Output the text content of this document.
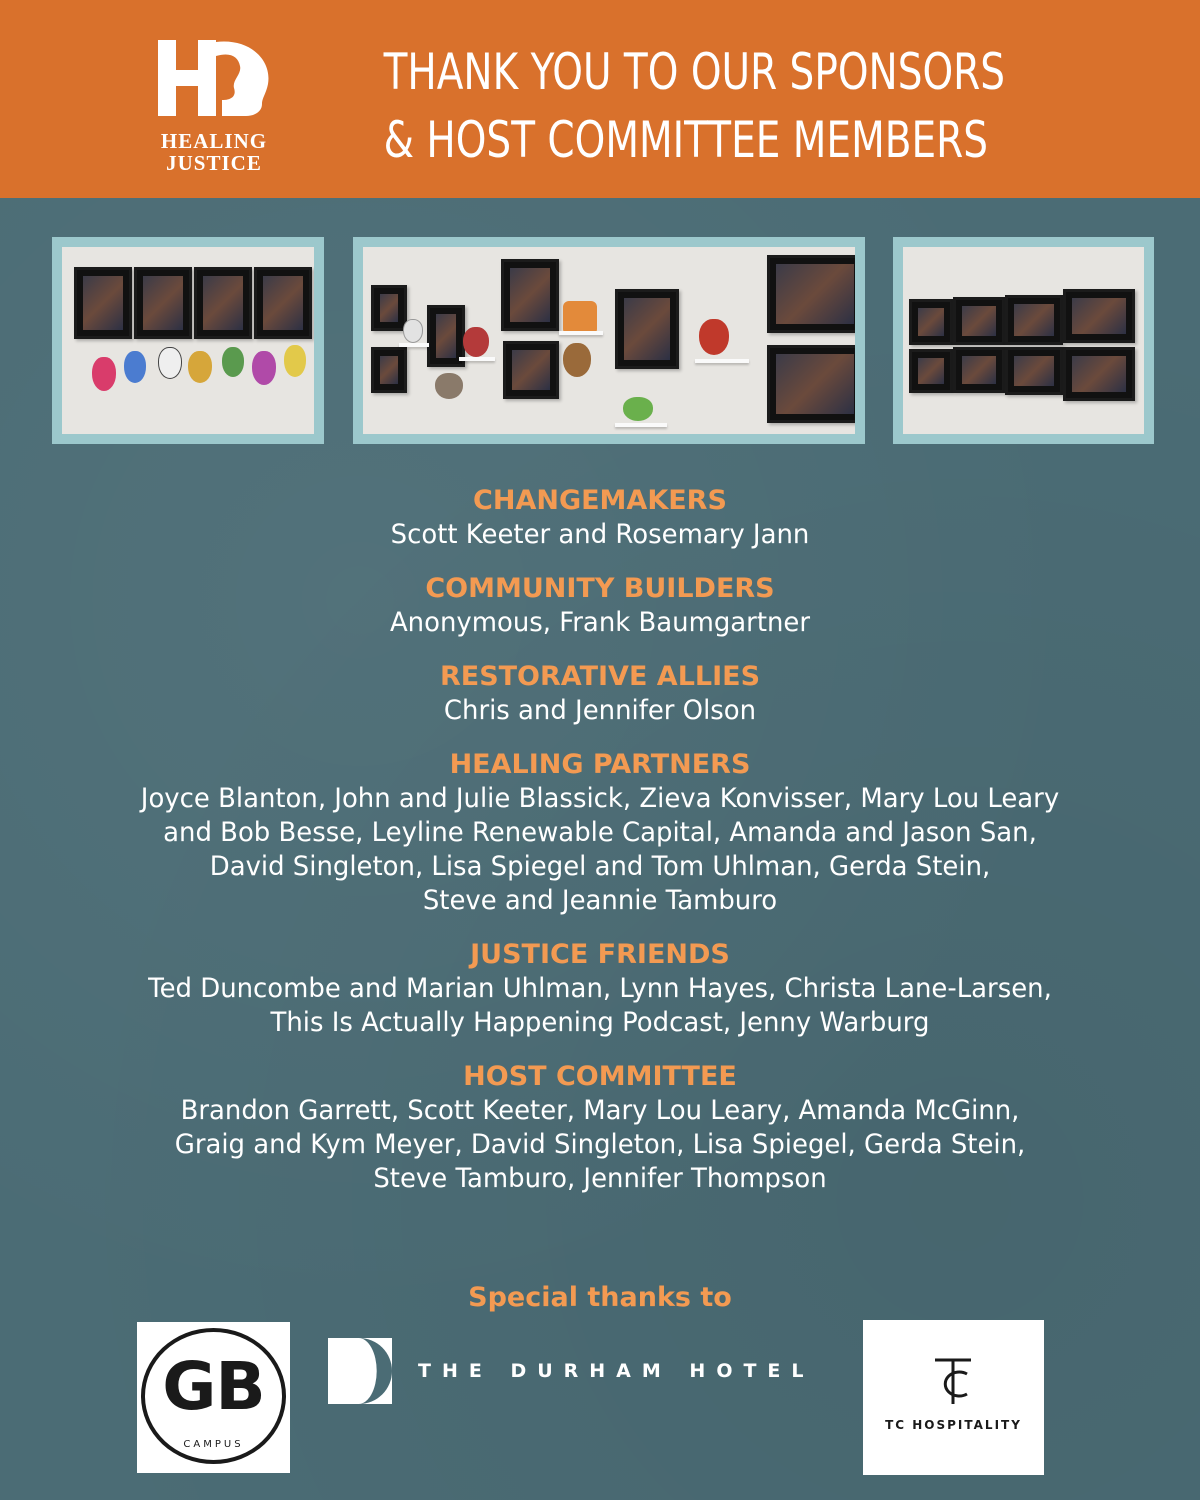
HEALING
JUSTICE
THANK YOU TO OUR SPONSORS
& HOST COMMITTEE MEMBERS
CHANGEMAKERS
Scott Keeter and Rosemary Jann
COMMUNITY BUILDERS
Anonymous, Frank Baumgartner
RESTORATIVE ALLIES
Chris and Jennifer Olson
HEALING PARTNERS
Joyce Blanton, John and Julie Blassick, Zieva Konvisser, Mary Lou Leary
and Bob Besse, Leyline Renewable Capital, Amanda and Jason San,
David Singleton, Lisa Spiegel and Tom Uhlman, Gerda Stein,
Steve and Jeannie Tamburo
JUSTICE FRIENDS
Ted Duncombe and Marian Uhlman, Lynn Hayes, Christa Lane-Larsen,
This Is Actually Happening Podcast, Jenny Warburg
HOST COMMITTEE
Brandon Garrett, Scott Keeter, Mary Lou Leary, Amanda McGinn,
Graig and Kym Meyer, David Singleton, Lisa Spiegel, Gerda Stein,
Steve Tamburo, Jennifer Thompson
Special thanks to
GB
CAMPUS
THE DURHAM HOTEL
TC HOSPITALITY
